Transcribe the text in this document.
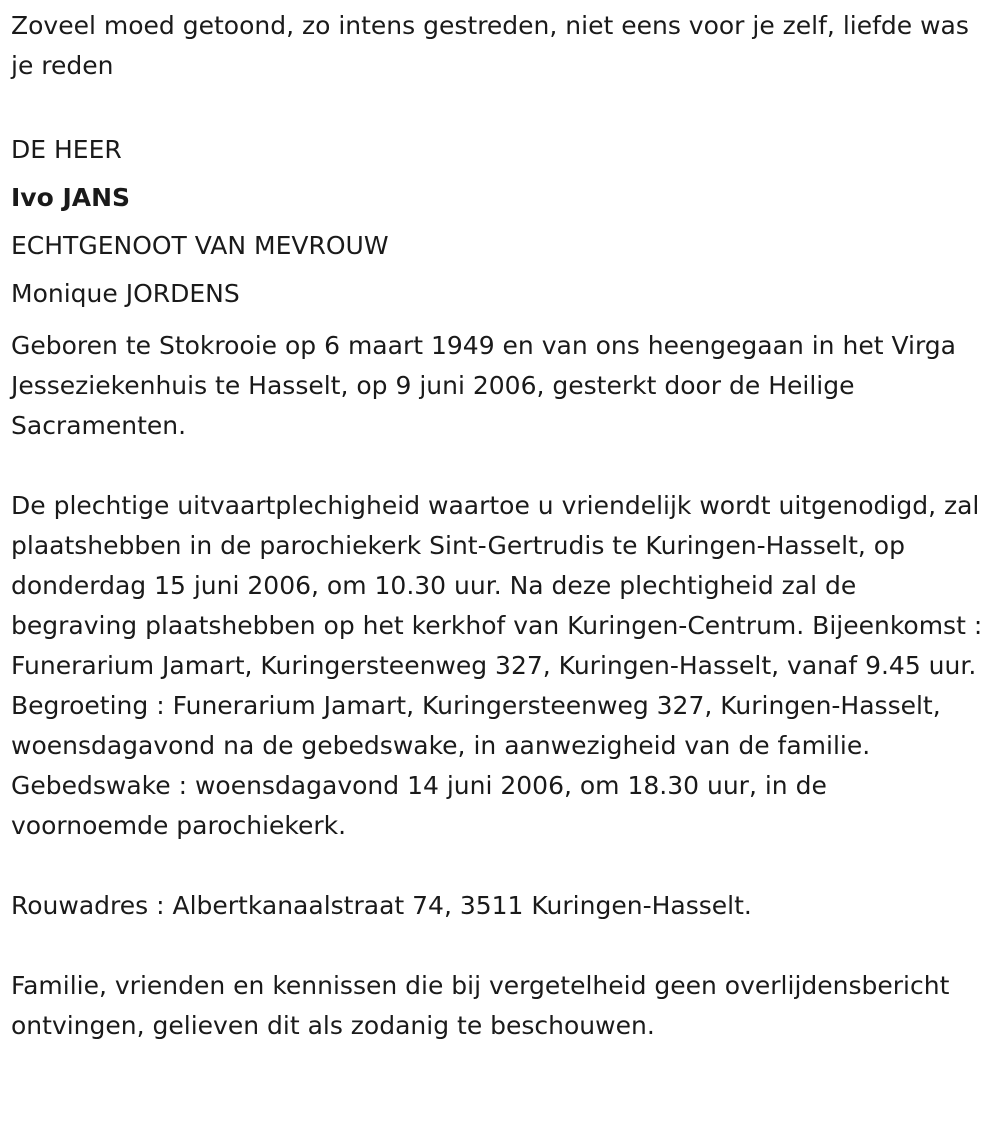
Zoveel moed getoond, zo intens gestreden, niet eens voor je zelf, liefde was je reden

DE HEER

Ivo JANS

ECHTGENOOT VAN MEVROUW

Monique JORDENS

Geboren te Stokrooie op 6 maart 1949 en van ons heengegaan in het Virga Jesseziekenhuis te Hasselt, op 9 juni 2006, gesterkt door de Heilige Sacramenten.

De plechtige uitvaartplechigheid waartoe u vriendelijk wordt uitgenodigd, zal plaatshebben in de parochiekerk Sint-Gertrudis te Kuringen-Hasselt, op donderdag 15 juni 2006, om 10.30 uur. Na deze plechtigheid zal de begraving plaatshebben op het kerkhof van Kuringen-Centrum. Bijeenkomst : Funerarium Jamart, Kuringersteenweg 327, Kuringen-Hasselt, vanaf 9.45 uur. Begroeting : Funerarium Jamart, Kuringersteenweg 327, Kuringen-Hasselt, woensdagavond na de gebedswake, in aanwezigheid van de familie. Gebedswake : woensdagavond 14 juni 2006, om 18.30 uur, in de voornoemde parochiekerk.

Rouwadres : Albertkanaalstraat 74, 3511 Kuringen-Hasselt.

Familie, vrienden en kennissen die bij vergetelheid geen overlijdensbericht ontvingen, gelieven dit als zodanig te beschouwen.
